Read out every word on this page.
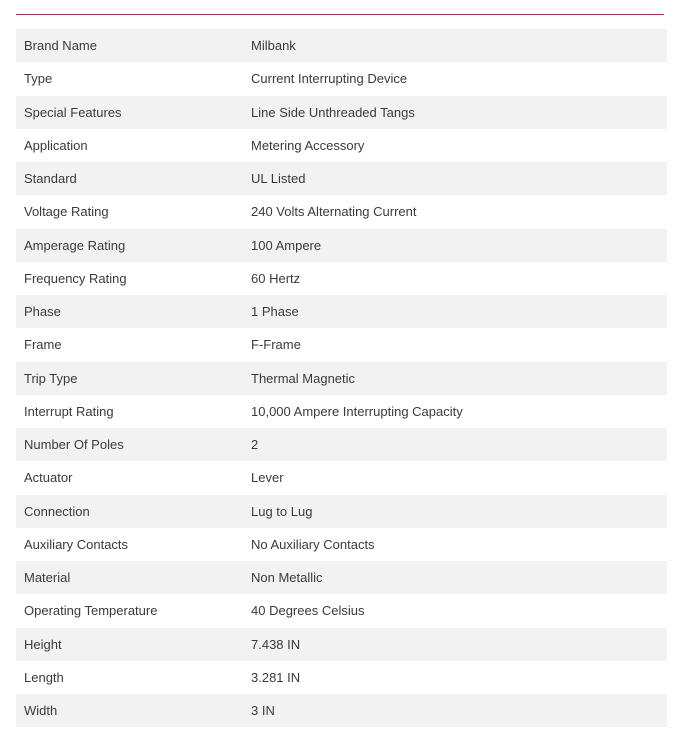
Brand Name	Milbank
Type	Current Interrupting Device
Special Features	Line Side Unthreaded Tangs
Application	Metering Accessory
Standard	UL Listed
Voltage Rating	240 Volts Alternating Current
Amperage Rating	100 Ampere
Frequency Rating	60 Hertz
Phase	1 Phase
Frame	F-Frame
Trip Type	Thermal Magnetic
Interrupt Rating	10,000 Ampere Interrupting Capacity
Number Of Poles	2
Actuator	Lever
Connection	Lug to Lug
Auxiliary Contacts	No Auxiliary Contacts
Material	Non Metallic
Operating Temperature	40 Degrees Celsius
Height	7.438 IN
Length	3.281 IN
Width	3 IN
